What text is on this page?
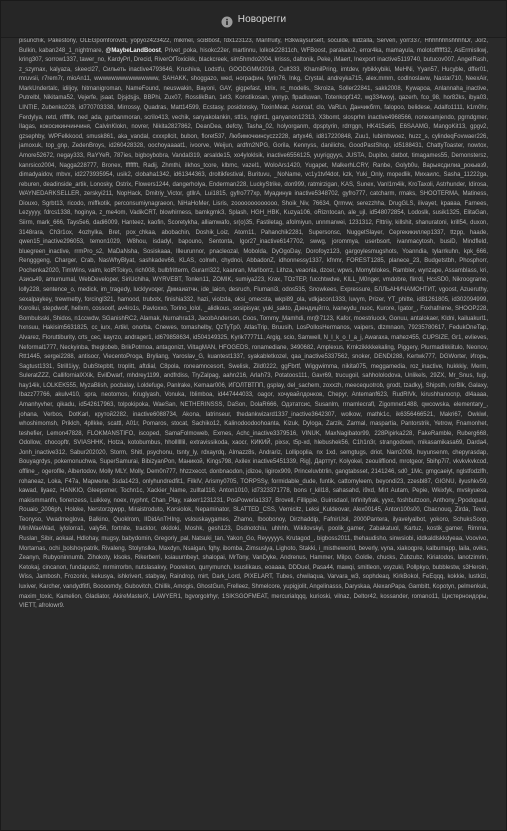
Новорегги

pisunchik, Pakestony, OLEGpomforovdt, yopyo2423422, mikmel, sciBbost, fdx123123, Manfruity, H3kwaysurself, soculde, kidzalla, Serveri, yorr337, HhhhhhhshhhhDr, Jorz, Bulkin, kaban248_1_nightmare, @MaybeLandBoost, Privet_poka, hisokc22er, martinnu, lolkok22811ch, WFBoost, parakalo2, error4ka, mamayula, molotoffffff32, AsErmislkwj, kring307, sorrow1337, tawer_no, KardyPrl, Drecid, RiverOfToxicikk, blackcreek, sim5hmdo2004, krisss, daltonik, Peke, iMaert, Inexport inactive5119740, butucov007, AngelRash, z_szymax, kalyaza, skeecl27, Сильеть inactive4793646, Krushiva, Lodstfu, GOODGMM2018, Cult333, KhamilPring, imtdev, rybikkybiki, MeHNi, Yyan57, Hucyble, dffer01, mruvsii, r7rem7r, mioAn11, wwwwwwwwwwwwwww, SAHAKK, shoggazo, wed, нографин, fyrin76, lnkg, Crystal, andreyka715, alex.mmm, codlnoslavw, Nastar710, NeexAir, MarkUndertalc, idiljoy, hitmanigroman, NameFound, neuswakin, Bayoni, GAY, gigpefast, ktrix, rc_modelis, Skroiza, Soller22841, sakk2008, Kywapoa, Anlannaha_inactive, Putrelbl, Nikitama52, Vejerfe, jsaat, Djsjdsjjs, BBPhi, Zux07, RosslikBan, 1et3, Konstikosan, ynnyp, flpadiuwan, Totenkopf142, wg334woyj, qazerh, fco_98, hor82ks, ibya03, LINTIE, Zubenko228, id770703338, Mirrossy, Quadras, Matt14599, Ecstasy, posidonsky, ToxinMeat, Asoroaf, clo, VaRLn, Данчикбrm, falopoo, belidese, Adalfo1111, k1m0hr, Ferdylya, retd, riffffik, ned_ada, gurbanmoran, scrilo413, vechik, sanyakolankin, stl1s, nglint1, ganyanon12313, X3bomt, slosprhn inactive4968566, nonexamjendo, pgrndgmer, Ilagas, кокосикинчинчиня, CalvinKlokn, novrer, Nikita2827862, DeanDea, defcty, Tasha_02, holyorganm, dpsptyrin, rdrrggn, HK415a65, E6SAAMG, MangoKit13, gpgv2, gzsephby, WPFelkkood, smusk861, aka_vandal, cxxxpllcit, bubon, floret537, Любимочкинсусzz228, artyx46, id817220848, Zuu1, lubimbwoez, huzz_s, cylindeqFovwaer226, jamoxuk, top_gnp, ZedenBroys, id260428328, oochoyaaaat1, ivoorve, Weijun, ardfm2NPG, Gorila, Kennyss, danilichs, GoodPastShop, id5188431, ChattyToaster, nowtox, Amore52672, negay333, RaYYeR, 787ies, bigboybobra, Vandal319, arsalde15, xo4yloklsik, inactive6556125, yuyriggyys, JUSTA, Dupibo, datbot, timagames55, Demonstersz, kanrsico2004, Nagga228777, Bronex, ffffffft, Radij, Zhmthi, ilkhos_tcore, klbmc, vazel1, WoloArs1420, Yugapet, MalkerhLCRY, Ranbe, Golyb0u, Варыясдилиа_рокывз9, dimadyaidov, mbvx, id2273935954, usik2, clobaha1342, id61344363, droltikfestival, Burituvu, _NoName, vc1y1tvf4dot, kzk, Yuki_Only, mopedlik, Михаилс, Sasha_11222ga, reburen, deadinside_artik, Lonosky, Ostrix, Flowers1244, dangerholya, Enderman228, LuckyStrike, don999, ratmirzigan, KAS, Sunex, Vanl1m4ik, KroTaxoli, Astrhunder, Idirosa, WAYNEDARKSELLER, zerskyi211, NopHack, Dmitriy_Victor, gtllrA, Lui1815, gyfro777xp, Муадинув inactive5348702, gyfro777, catcharm, rmaks, SHOOTERMA, Matiness, Diouxo, Sgrbt13, ricodo, miffkotik, perconsumiynagraeon, NiHaHoMer, Lisris, zooooooooooooo, Shoik_Niv, 76634, Qrmvw, serezzhha, DrugGLS, ilivayet, kpaвaa, Farnees, Lezyyyy, fdrcs1338, hoginya, z_me4om, VadikCRT, blowhirness, bamkgmk3, Splash, HGH_HBK, Kuzya106, oRizntocan, ale_ujl, id548072854, Lodoslk, susik1325, ElitaGan, Siirm, mark_666, Tays5e6, dadi6009, Hanteez, kaofin, Scoretykha, alliamwafo, sr(o)35, Fastiletag, afolmiyun, unnmarwei, 1231312, Flttriiy, killshit, shanuratoni, krill54, duxon, 3148rara, Ch3r1ox, 4ozhylka, Bret, pox_chkaa, abobachin, Doshik_Loiz, Atom11, Pahanchik2281, Supersonsc, NuggetSlayer, Сергекикиллер1337, ttzpp, haade, qwen15_inactive296053, temon1029, W8hou, isdadyl, bapouno, Sentonta, Igor27_inactive6147702, swwg, jorommya, userbsort, ivanmacytosh, busiD, Mindfleld, bluegreen_inactive, rrmPro_s2, MaDaNsha, Sosiskaaa, Illeurunnor, pnacleozal, Mobolda, DyOgoDay, Dorofoyz123, gargoylesmugshots, Yoanndia, tylarrkuhn, kpk_666, Rengggeng, Charger, Crab, NasWhyBlyat, sashkadev66, KLAS, colrwh, chydnoi, AbbadonZ, idhonnessy1337, kfnmr, FOREST1285, planece_23, Budgetstbh, Phosphorr, Pochenka2020, TimWins, vaim, kotRTokyo, rich008, bulbfritterm, Gurarri322, kaanran, Marlborrz, Lithza, veaonia, dzcer, wpws, Momyblokes, Rambler, wynzape, Assamblass, kri, Азись49, amumumal, WebDeveloper, SiriUchiha, WYRVEBT, Tonlen11, ZOMIK, sumiya223, Krax, TOzTEP, fucchtwdve, KILL_M0nger, vmdobre, flirrdl, HcsSD0, Nikroograme, lolly228, sentence_o, medick, im_tragedy, lucklyvoqer, Дмиаиатчн, ide_laicn, desruch, Flumani3, odos535, Snowkees, Expressure, БЛЛЬАНИЧАМОНТИТ, vgoost, Azueruthy, sexalpaykey, trewmetty, forcingl321, hamood, trubotx, finishia332, hazi, violzda, oksi_omecsta, wkpi89_ola, vdkjacon1333, luvym, Prizer, YT_phitte, id81261805, id302094999, Koroliui, stepdwolf, hellxm, cossoolf, av4ro1s, Pavloxxo, Torino_lolol, _alidkous, sosipisyar, yuki_sakto, Дзендицйгго, ivaneydu_nuoc, Kurore, Igator_, Foxhafnime, SHOOP228, Bombulsski, Shidos, n1ccwdw, SGanishRC2, Alamak, Nurnahra13, JacobAnderson, Coos, Tommy_Mamhdi, mr@7123, Kafor, moestriuock, Gonuu, antalokaer, Kldni, kailuakurl1, hxnsuu, Hakisim5631825, cc_iurx, Artikl, onorba, Cnewes, tomashelby, QzTyTp0, AtlasTrip, Bruusih, LosPollosHermanos, vaipers, dlzmnaon, 79235780617, FedukOneTap, Alvarez, Floruttiburity, crts_cec, kayrzo, andrager1, id679858634, id504149325, Kyrik777711, Argig, scio, Samwell, N_I_k_o_l_a_j, Awaraxa, mahez455, CUPSIZE, Gr1, evlieves, Neformal1777, Neckyinba, theglobeb, BrikPotrnoa, antagonizt, ViltagMAN, HFOGEDS, ronamediane, 3490682, Amplexus, Krnkzikkkkekaling, Piggery, Plurmadikkiitulo, Neonov, Rtt1445, sergei2288, antisocr, ViecentoProga, Bryliang, Yaroslav_G, kuantest1337, syakabletkozel, qaa_inactive5337562, snoker, DENDI288, Kertwk777, DGWorter, Игорь, Sagtust1331, 5trill1iyy, DubStepbtt, troplitt, aftdial, C8pola, roneamncesort, Swelisk, Zild0222, ggFbrtf, Wiggwimma, nikita075, meggamedia, roz_inactive, hukkkiy, Merm, SuleratZZZ, CallifornialXXik, EvilDwarf, mhdrey1199, andfrdiss, TryZalpag, aahn216, Arlah73, Potatoos111, Gavr69, trucugoil, sahhololodova, Unlikels, 29ZX, Mr_Snus, fugi, hay14ik, LOLKEK555, MyzaBlish, pocbalay, Loldefuge, Panlrake, Kemaar006, ИГОЛТВТПП, gsplay, del_sachem, zoxxzh, meecequotrob, grodt, tzadkyj, Shipsth, rorBlk, Galaxy, Ibazz77766, akulv410, spra, neotomos, Kruglyash, Vonuka, Iblimboa, id447444033, oagor, хочувайлдонков, Chepyr, Antemanf623, RudRlVk, kirushhanocnp, dl4aaaa, Amanhyvher, qikadu, id542617963, tolpokipoka, WaeSan, NETHERINSSS, DaSon, DolaR666, Одэтатсис, Susanlm, rrnamlecrafl, Zigomnet1488, qwcowska, elementary_, johana, Verbos, DotKarl, крутой2282, inactive6088734, Akona, latrinseur, thedankwizard1337_inactive3642307, wolkow, mathk1c, ik6356466521, Makri67, Owkiwl, whoshimomsh, Priklch, 4pllkke, scattl, A01r, Pomaros, stocat, Sachiko12, Kalinodoodoohoanta, Kizuk, Dyloga, Zarzik, Zarmal, maspartia, Pantorstrik, Yetrow, Fnamonhet, teshefier, Lemon47828, FLOKMANSTIFO, iscoped, SamaFolmoweb, Exmes, Achc_inactive3379516, VINUK, MaxNagibator99, 228Pipirka228, FakeRamble, Ruberg668, Odollow, chocopftr, SVIASHHK, Hotza, kotobumbus, hhollllllil, extravissikoda, xaocr, КИКИЙ, pixsx, t5p-xd, hlebushek56, C1h1n3r, strangodown, mikasamikasa69, Darda4, Jonh_inactive312, Sabur202020, Storm, Shitl, psychonu, tsnty_ly, rdxayrdq, Almazz8s, Andrariz, Lollipoplia, nx 1xd, semgtugs, driot, Nam2008, huyunsenm, chepyrasdap, Bouyagrdys, pokemonuchwa, SuperSamurai, BibizyanPon, Маникой, Kings798, Axilex inactive5451339, Rig], Дарттут, Kolyokel, zeouliffiond, mrotgeor, 5bihp7i7, vkvkvkvkcod, offline_, ogeroflle, Albertodov, Molly MLY, Molly, Dem0n777, hhzzxecct, donbnaodon, jdizoe, ligirox909, Princeluvbtrlin, gangtabsset, 2141246, sd0_1Mc, gmgcaeiyt, nglstfodzlfh, rohaneaz, Loka, F47a, Мармели, 3sda1423, onlyhundredfit1, FilklV, Arismy0705, TORPSSy, formidable_dude, funtik, cattomyleem, beyondi23, zzesbl87, GIGNU, ilyushkv59, kawad, liyaez, HANKIO, Gleepsmer, Tochn1c, Xackier_Name, zulltal116, Anton1010, id7323371778, bons r_kill18, sahasahd, i9xd, Mirt Autam, Pepie, Wkixfyk, mvskyuexa, makismmanfn, fiorenzess, Luikkey, noex, nyphnt, Chan_Play, xakerr1231231, PosPoweria1337, Brovell, Fillippie, Guinsdaol, Infinityfrak, yyxc, foshbutzoon, Anthony_Ppodopaul, Rouaio_2006ph, Holoke, Nerstorzgwpp, Miraistroduto, Korsiolok, Nepaminator, SLATTED_CSS, Vernicitz, Leksi_Kuldeovar, Alex00145, Anton100s00, Cbacnouq, Zirda, Tevoi, Teonyso, Vwadmeglova, Balkino, Quoklrom, IIDidAnTHIng, vslouskaygames, Zhamo, Iboobonoy, Dirzhaddip, FafnirUsil, 2000Pantera, ilyavelyalbot, yokoro, SchuksSoop, MiniWaeWad, iylolorra1, valy56, fortnite, tracktor, okidoki, Moshk, gesh123, Dsdnotchiu, uhhhh, Wikilovskyi, poolik_gamer, Zabakatuol, Kartuz, kostik_gamer, Rimma, Ruslan_Sibir, aokaal, Hdlohay, mugsy, babydomin, Gregoriy_pal, Natsuki_tan, Yakon_Go, Reyyyyys, Krutagod_, bigboss2011, thehaudisho, sinwsiobi, iddkaldlskkdyeaa, Voovivo, Mortamas, ochi_bolshoypatrik, Rivaleng, Stolynslka, Maxdyn, Nsaigan, fqhy, ibomba, Zimsuslya, Lighoto, Stakki, i_mistheworld, beverly, vyna, xiakoqpre, kalbumapp, laila, oviks, Zeanyn, Rubyoninnumb, Zihokoty, klsoks, Rikerberri, ksiauumbeyt, shalopai, MrTony, VanDyke, Andrenus, Hammer, Milpo, Goldie, chucks, Zubzubz, Kiriatodos, lanotzimrin, Ketokaj, cincanon, fundapuls2, mrmirrorbn, nutslasakvy, Poorekon, qurrymunch, ksuslikaus, eoaaaa, DDDuel, Pasa44, mawqi, smitleon, vsyzuki, Pollpkyo, bubblestw, s3Heroin, Wiss, Jambosh, Frozonix, kekusya, ishkrivert, stabyay, Raindrop, mirt, Dark_Lord, PIXELART, Tubes, chwilaqua, Varvara_w3, sophdeaq, KirkBokol, FeEqqq, kokkie, lustkizi, luxiver, Karcher, vandydfitfi, Boooomdy, Gubovitch, Chillik, Amogis, GhostGun, Frelleez, Shmelcore, yupigjolit, Angelinasss, Daryskaa, AlexanPapa, Gambitt, Kopotyn, pelmenkuk, maxim_toxic, Kamelion, Gladiator, AkireMasterX, LAWYER1, bgvorgolrhyr, 1SIKSGOFMEAT, mercurialqqq, kurioski, vilnaz, Deltor42, kossander, romano11, Цистерноидоры, VIETT, afrolowr9.
